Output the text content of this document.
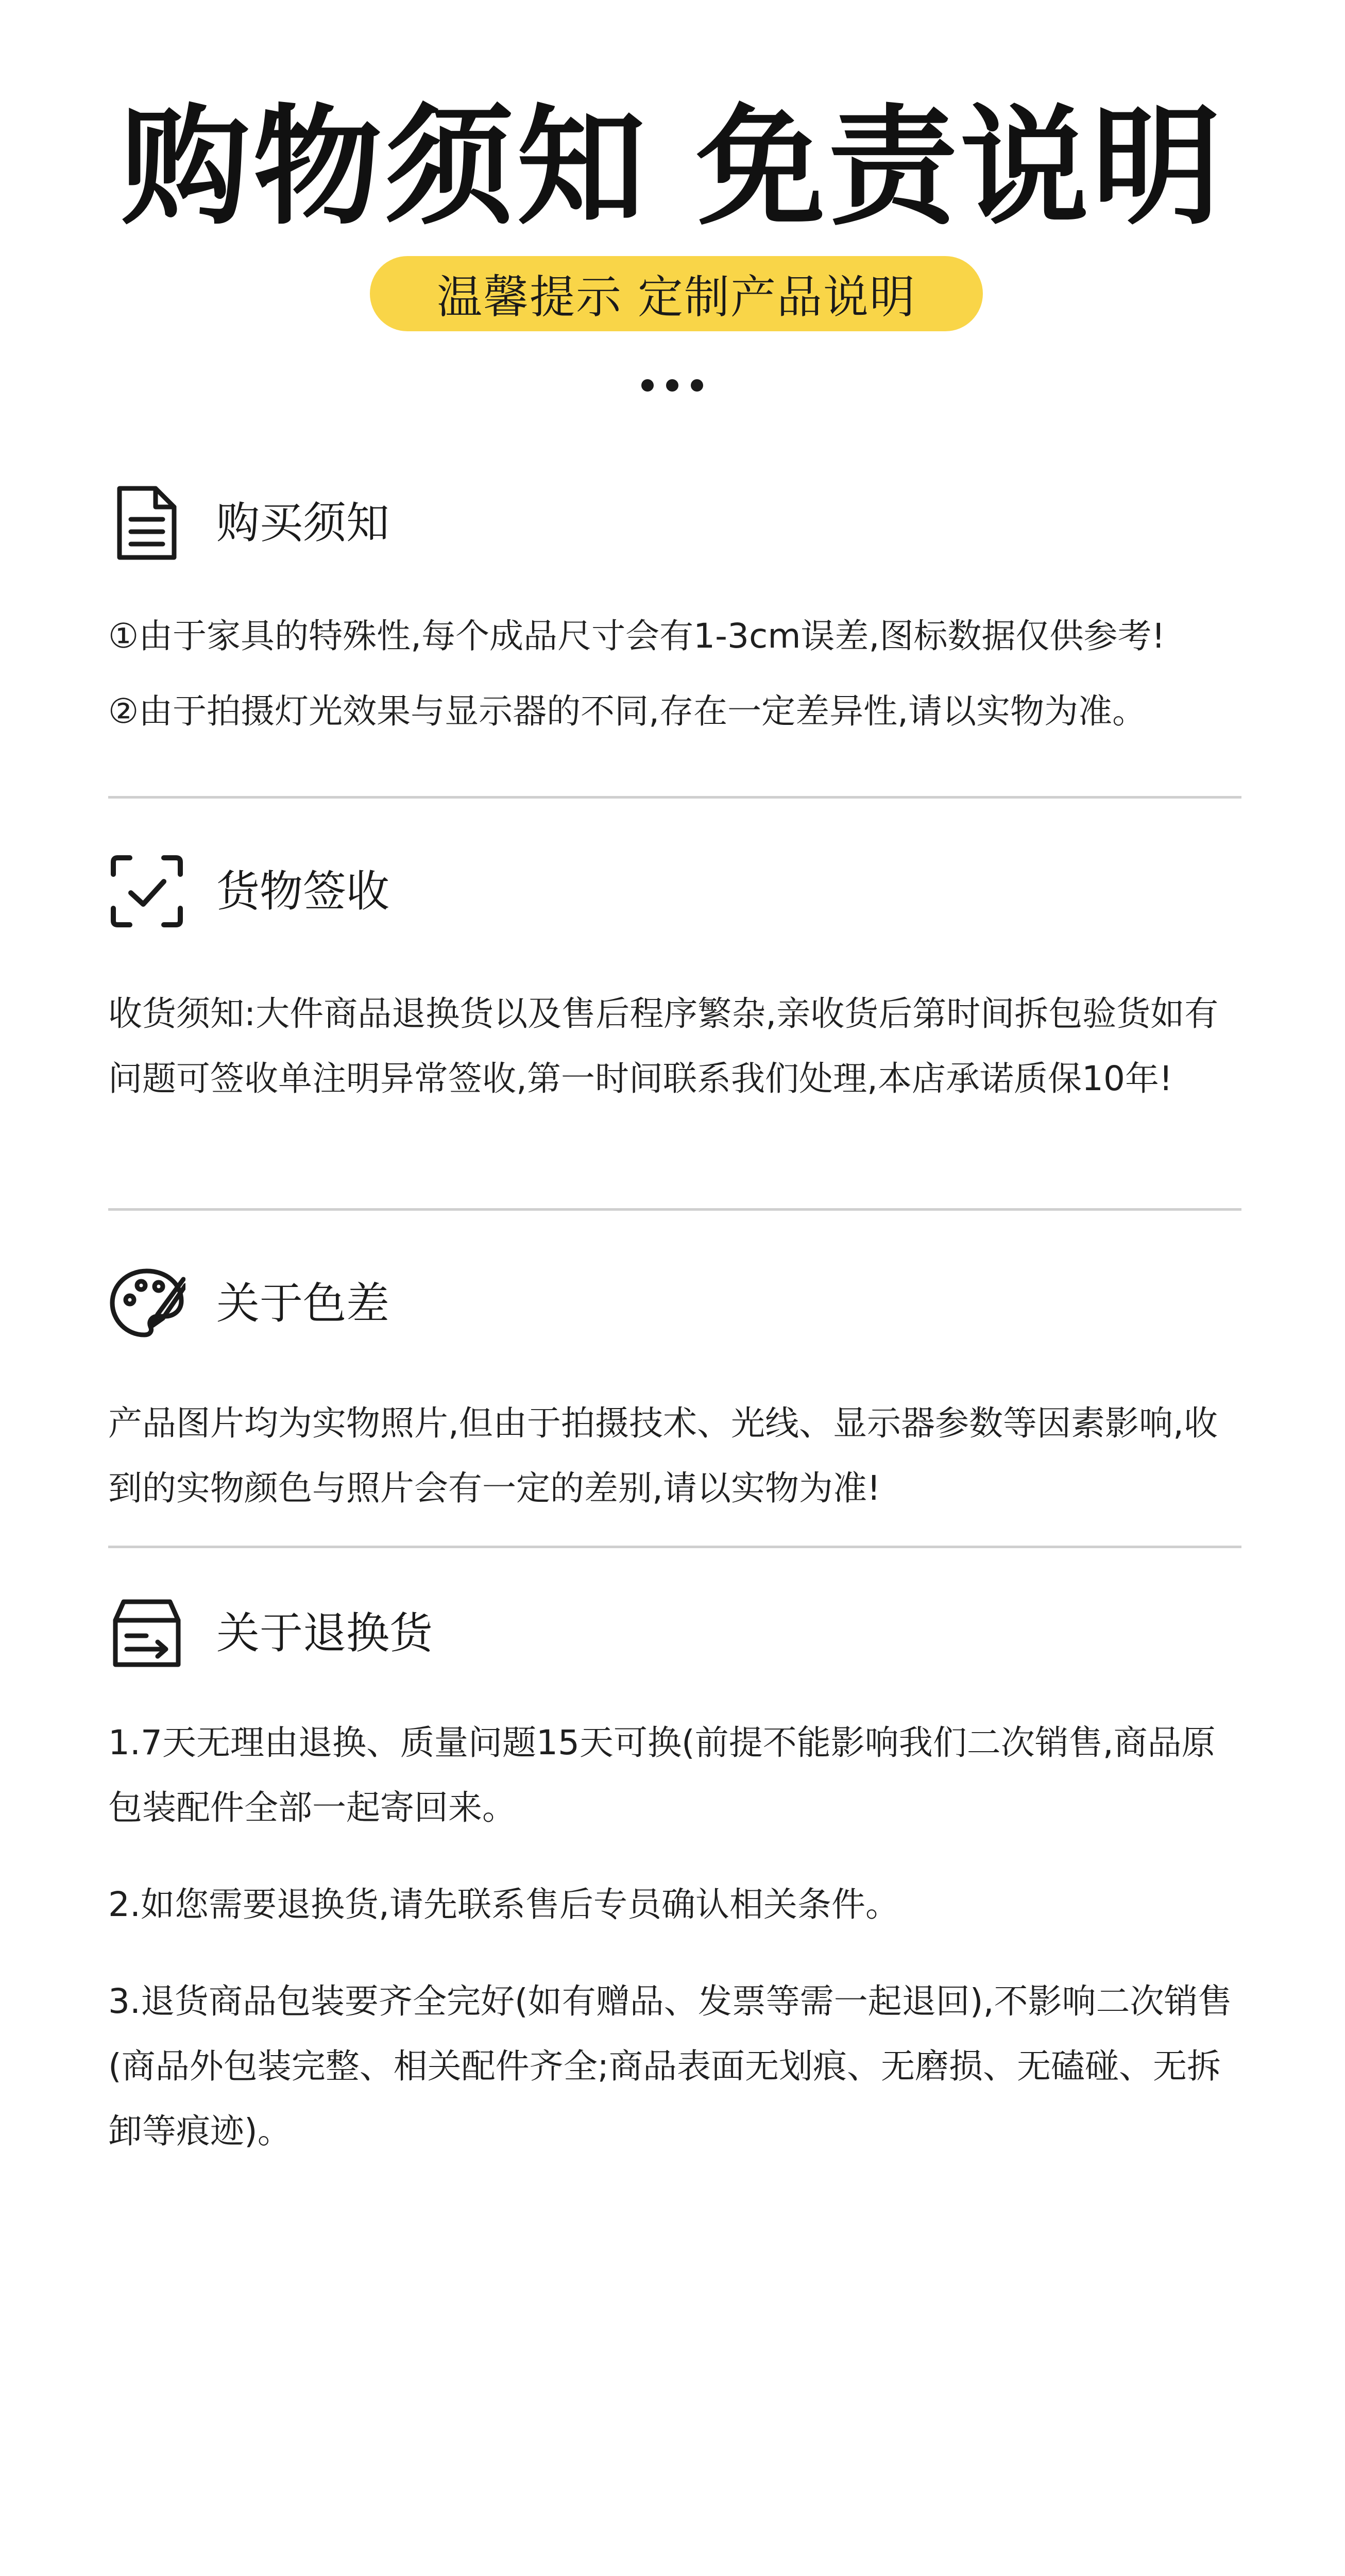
购物须知 免责说明
温馨提示 定制产品说明
购买须知

①由于家具的特殊性,每个成品尺寸会有1-3cm误差,图标数据仅供参考!

②由于拍摄灯光效果与显示器的不同,存在一定差异性,请以实物为准。

货物签收

收货须知:大件商品退换货以及售后程序繁杂,亲收货后第时间拆包验货如有问题可签收单注明异常签收,第一时间联系我们处理,本店承诺质保10年!

关于色差

产品图片均为实物照片,但由于拍摄技术、光线、显示器参数等因素影响,收到的实物颜色与照片会有一定的差别,请以实物为准!

关于退换货

1.7天无理由退换、质量问题15天可换(前提不能影响我们二次销售,商品原包装配件全部一起寄回来。

2.如您需要退换货,请先联系售后专员确认相关条件。

3.退货商品包装要齐全完好(如有赠品、发票等需一起退回),不影响二次销售(商品外包装完整、相关配件齐全;商品表面无划痕、无磨损、无磕碰、无拆卸等痕迹)。
